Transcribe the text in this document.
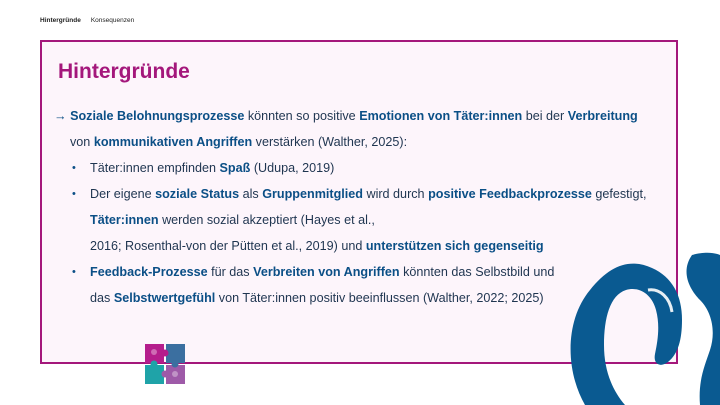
Hintergründe Konsequenzen
Hintergründe
→ Soziale Belohnungsprozesse könnten so positive Emotionen von Täter:innen bei der Verbreitung
von kommunikativen Angriffen verstärken (Walther, 2025):
• Täter:innen empfinden Spaß (Udupa, 2019)
• Der eigene soziale Status als Gruppenmitglied wird durch positive Feedbackprozesse gefestigt,
Täter:innen werden sozial akzeptiert (Hayes et al.,
2016; Rosenthal-von der Pütten et al., 2019) und unterstützen sich gegenseitig
• Feedback-Prozesse für das Verbreiten von Angriffen könnten das Selbstbild und
das Selbstwertgefühl von Täter:innen positiv beeinflussen (Walther, 2022; 2025)
